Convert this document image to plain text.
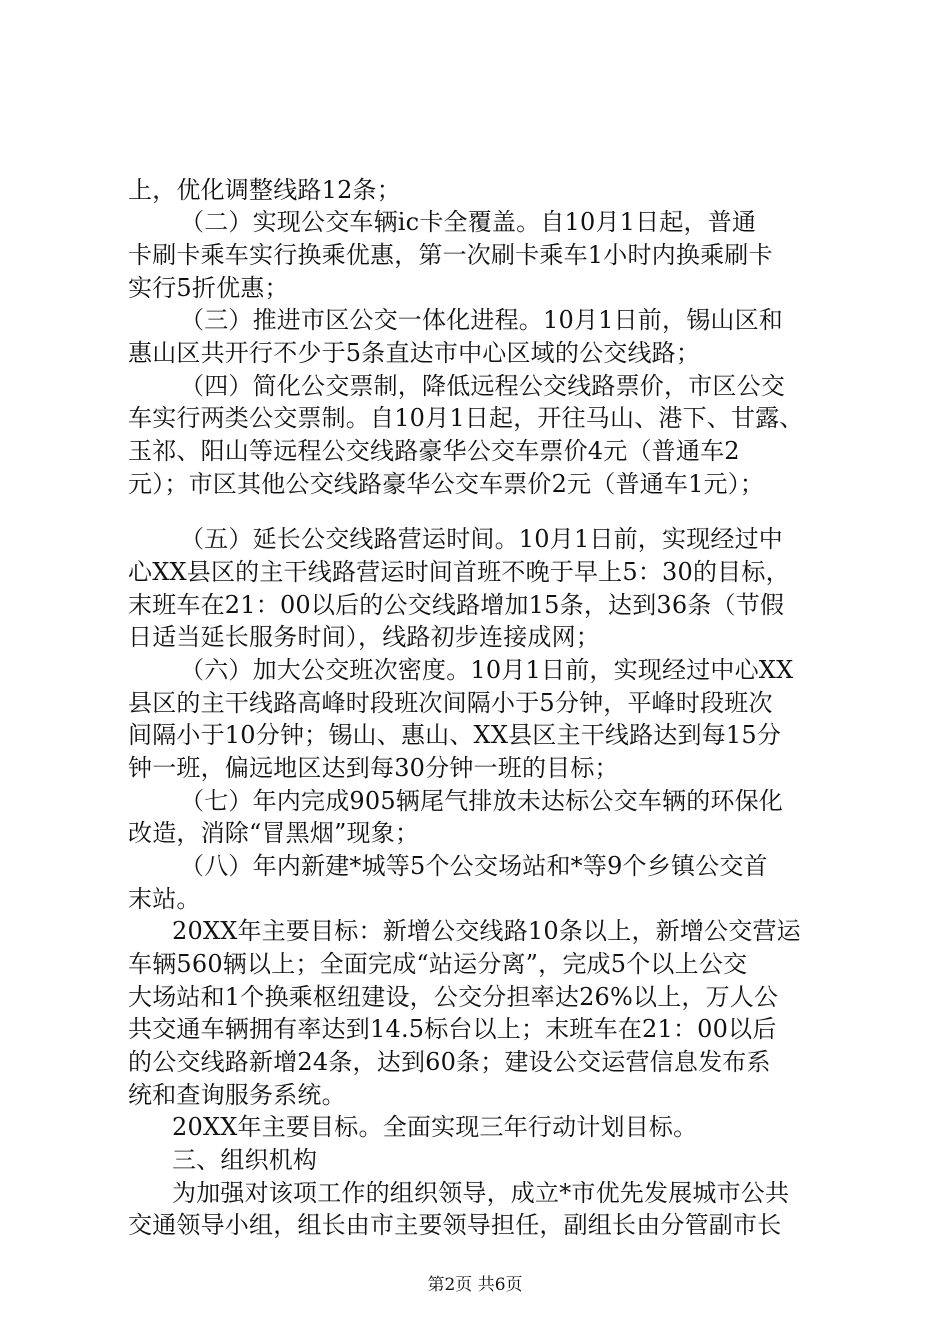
上，优化调整线路12条；
（二）实现公交车辆ic卡全覆盖。自10月1日起，普通
卡刷卡乘车实行换乘优惠，第一次刷卡乘车1小时内换乘刷卡
实行5折优惠；
（三）推进市区公交一体化进程。10月1日前，锡山区和
惠山区共开行不少于5条直达市中心区域的公交线路；
（四）简化公交票制，降低远程公交线路票价，市区公交
车实行两类公交票制。自10月1日起，开往马山、港下、甘露、
玉祁、阳山等远程公交线路豪华公交车票价4元（普通车2
元）；市区其他公交线路豪华公交车票价2元（普通车1元）；
（五）延长公交线路营运时间。10月1日前，实现经过中
心XX县区的主干线路营运时间首班不晚于早上5：30的目标，
末班车在21：00以后的公交线路增加15条，达到36条（节假
日适当延长服务时间），线路初步连接成网；
（六）加大公交班次密度。10月1日前，实现经过中心XX
县区的主干线路高峰时段班次间隔小于5分钟，平峰时段班次
间隔小于10分钟；锡山、惠山、XX县区主干线路达到每15分
钟一班，偏远地区达到每30分钟一班的目标；
（七）年内完成905辆尾气排放未达标公交车辆的环保化
改造，消除“冒黑烟”现象；
（八）年内新建*城等5个公交场站和*等9个乡镇公交首
末站。
20XX年主要目标：新增公交线路10条以上，新增公交营运
车辆560辆以上；全面完成“站运分离”，完成5个以上公交
大场站和1个换乘枢纽建设，公交分担率达26%以上，万人公
共交通车辆拥有率达到14.5标台以上；末班车在21：00以后
的公交线路新增24条，达到60条；建设公交运营信息发布系
统和查询服务系统。
20XX年主要目标。全面实现三年行动计划目标。
三、组织机构
为加强对该项工作的组织领导，成立*市优先发展城市公共
交通领导小组，组长由市主要领导担任，副组长由分管副市长
第2页 共6页
